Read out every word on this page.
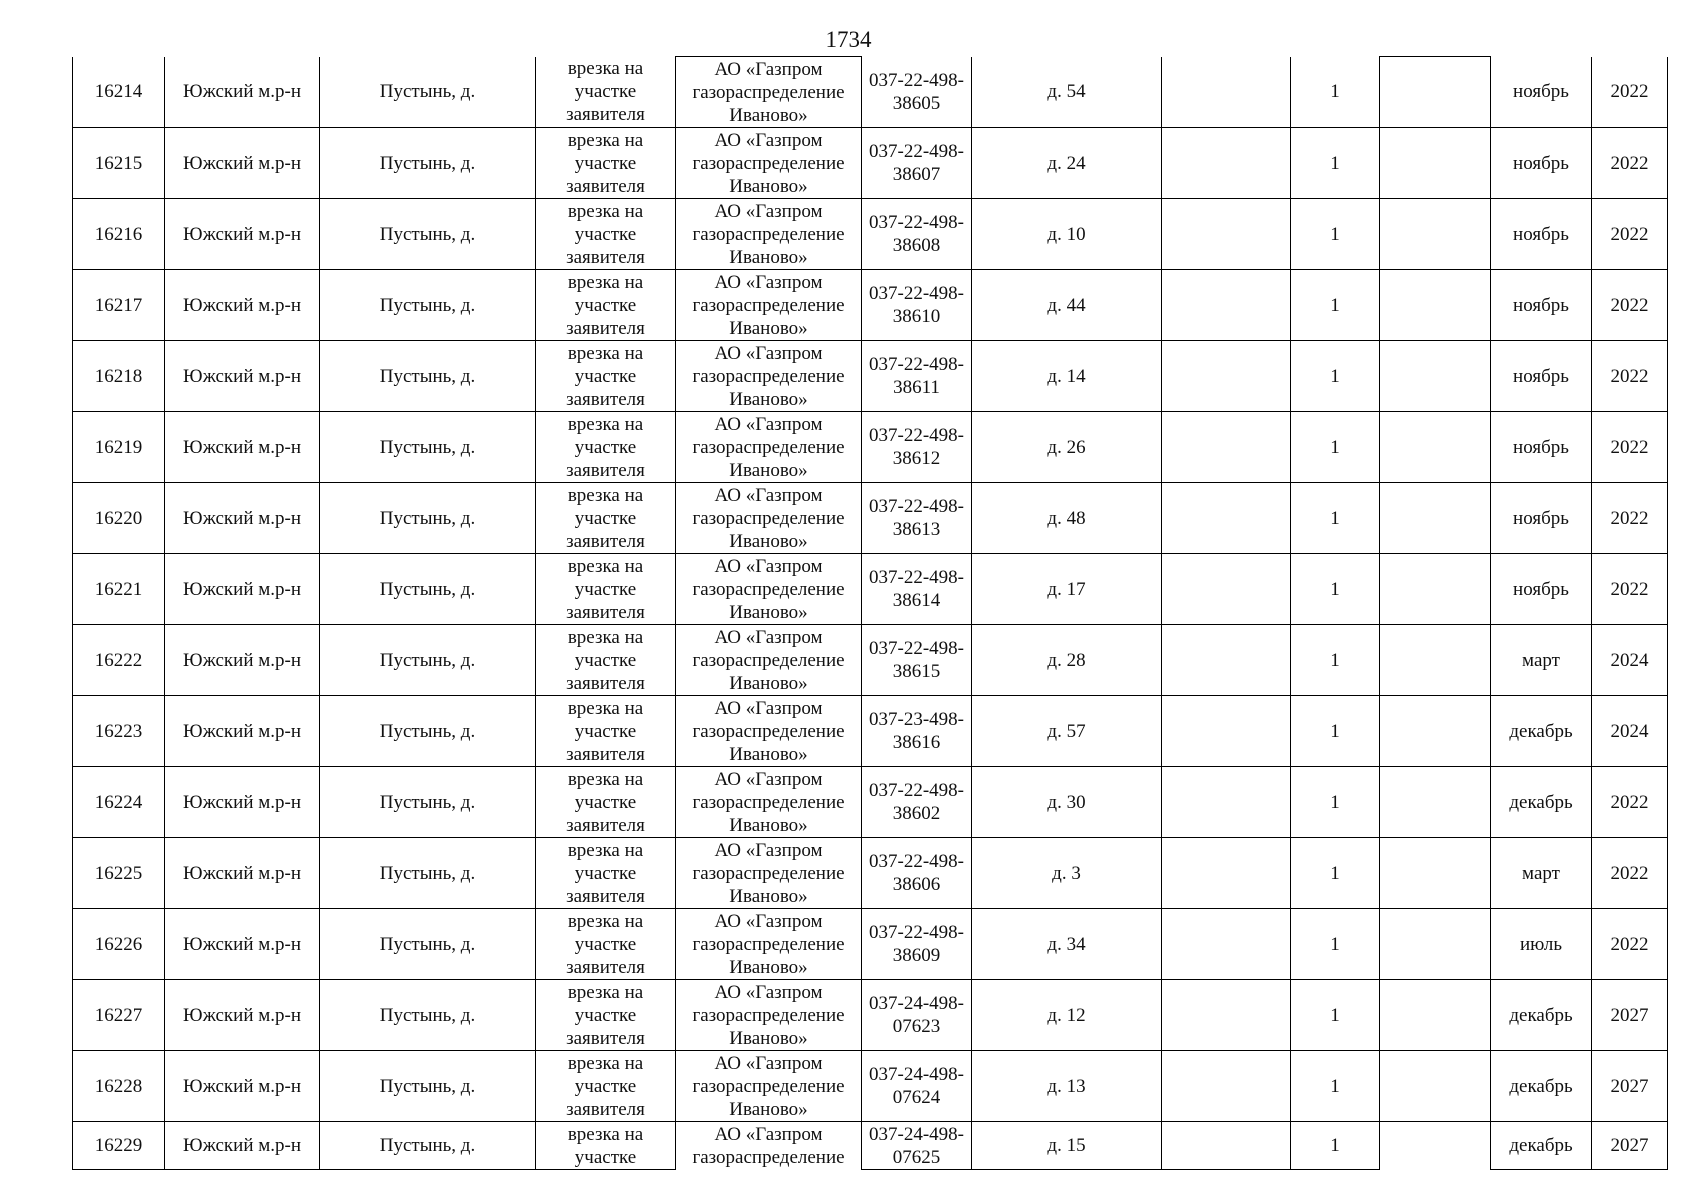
1734
16214	Южский м.р-н	Пустынь, д.	врезка на участке заявителя	АО «Газпром газораспределение Иваново»	037-22-498-38605	д. 54		1		ноябрь	2022
16215	Южский м.р-н	Пустынь, д.	врезка на участке заявителя	АО «Газпром газораспределение Иваново»	037-22-498-38607	д. 24		1		ноябрь	2022
16216	Южский м.р-н	Пустынь, д.	врезка на участке заявителя	АО «Газпром газораспределение Иваново»	037-22-498-38608	д. 10		1		ноябрь	2022
16217	Южский м.р-н	Пустынь, д.	врезка на участке заявителя	АО «Газпром газораспределение Иваново»	037-22-498-38610	д. 44		1		ноябрь	2022
16218	Южский м.р-н	Пустынь, д.	врезка на участке заявителя	АО «Газпром газораспределение Иваново»	037-22-498-38611	д. 14		1		ноябрь	2022
16219	Южский м.р-н	Пустынь, д.	врезка на участке заявителя	АО «Газпром газораспределение Иваново»	037-22-498-38612	д. 26		1		ноябрь	2022
16220	Южский м.р-н	Пустынь, д.	врезка на участке заявителя	АО «Газпром газораспределение Иваново»	037-22-498-38613	д. 48		1		ноябрь	2022
16221	Южский м.р-н	Пустынь, д.	врезка на участке заявителя	АО «Газпром газораспределение Иваново»	037-22-498-38614	д. 17		1		ноябрь	2022
16222	Южский м.р-н	Пустынь, д.	врезка на участке заявителя	АО «Газпром газораспределение Иваново»	037-22-498-38615	д. 28		1		март	2024
16223	Южский м.р-н	Пустынь, д.	врезка на участке заявителя	АО «Газпром газораспределение Иваново»	037-23-498-38616	д. 57		1		декабрь	2024
16224	Южский м.р-н	Пустынь, д.	врезка на участке заявителя	АО «Газпром газораспределение Иваново»	037-22-498-38602	д. 30		1		декабрь	2022
16225	Южский м.р-н	Пустынь, д.	врезка на участке заявителя	АО «Газпром газораспределение Иваново»	037-22-498-38606	д. 3		1		март	2022
16226	Южский м.р-н	Пустынь, д.	врезка на участке заявителя	АО «Газпром газораспределение Иваново»	037-22-498-38609	д. 34		1		июль	2022
16227	Южский м.р-н	Пустынь, д.	врезка на участке заявителя	АО «Газпром газораспределение Иваново»	037-24-498-07623	д. 12		1		декабрь	2027
16228	Южский м.р-н	Пустынь, д.	врезка на участке заявителя	АО «Газпром газораспределение Иваново»	037-24-498-07624	д. 13		1		декабрь	2027
16229	Южский м.р-н	Пустынь, д.	врезка на участке	АО «Газпром газораспределение	037-24-498-07625	д. 15		1		декабрь	2027
